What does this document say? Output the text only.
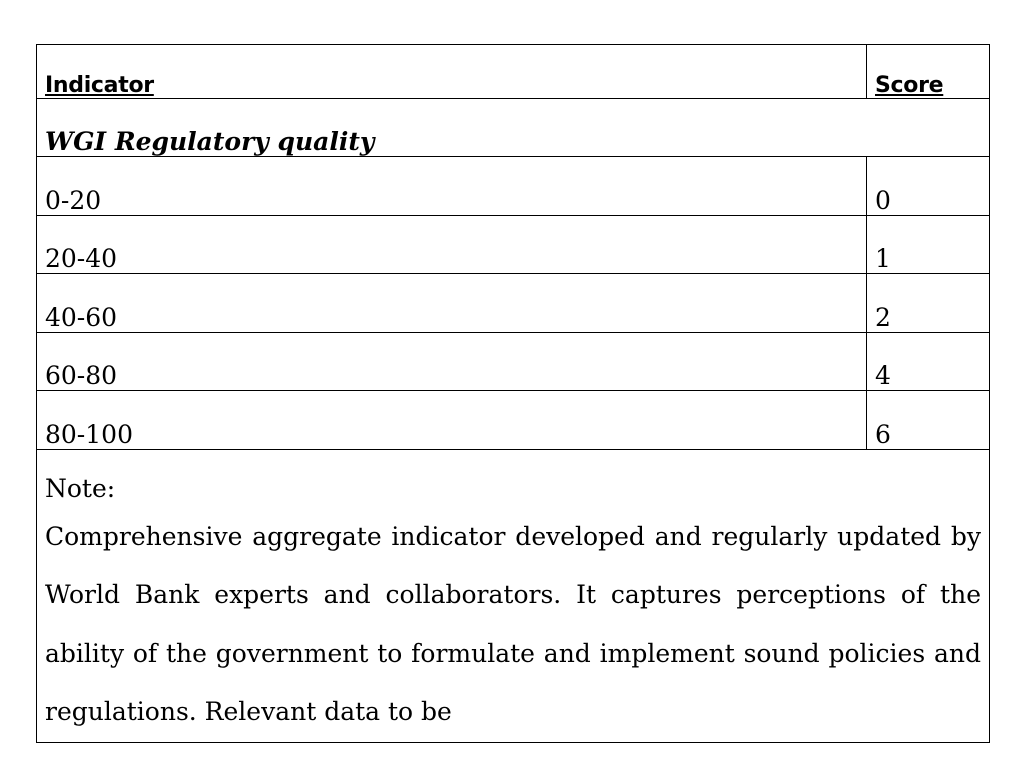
Indicator	Score
WGI Regulatory quality	
0-20	0
20-40	1
40-60	2
60-80	4
80-100	6

Note:
Comprehensive aggregate indicator developed and regularly updated by World Bank experts and collaborators. It captures perceptions of the ability of the government to formulate and implement sound policies and regulations. Relevant data to be	
